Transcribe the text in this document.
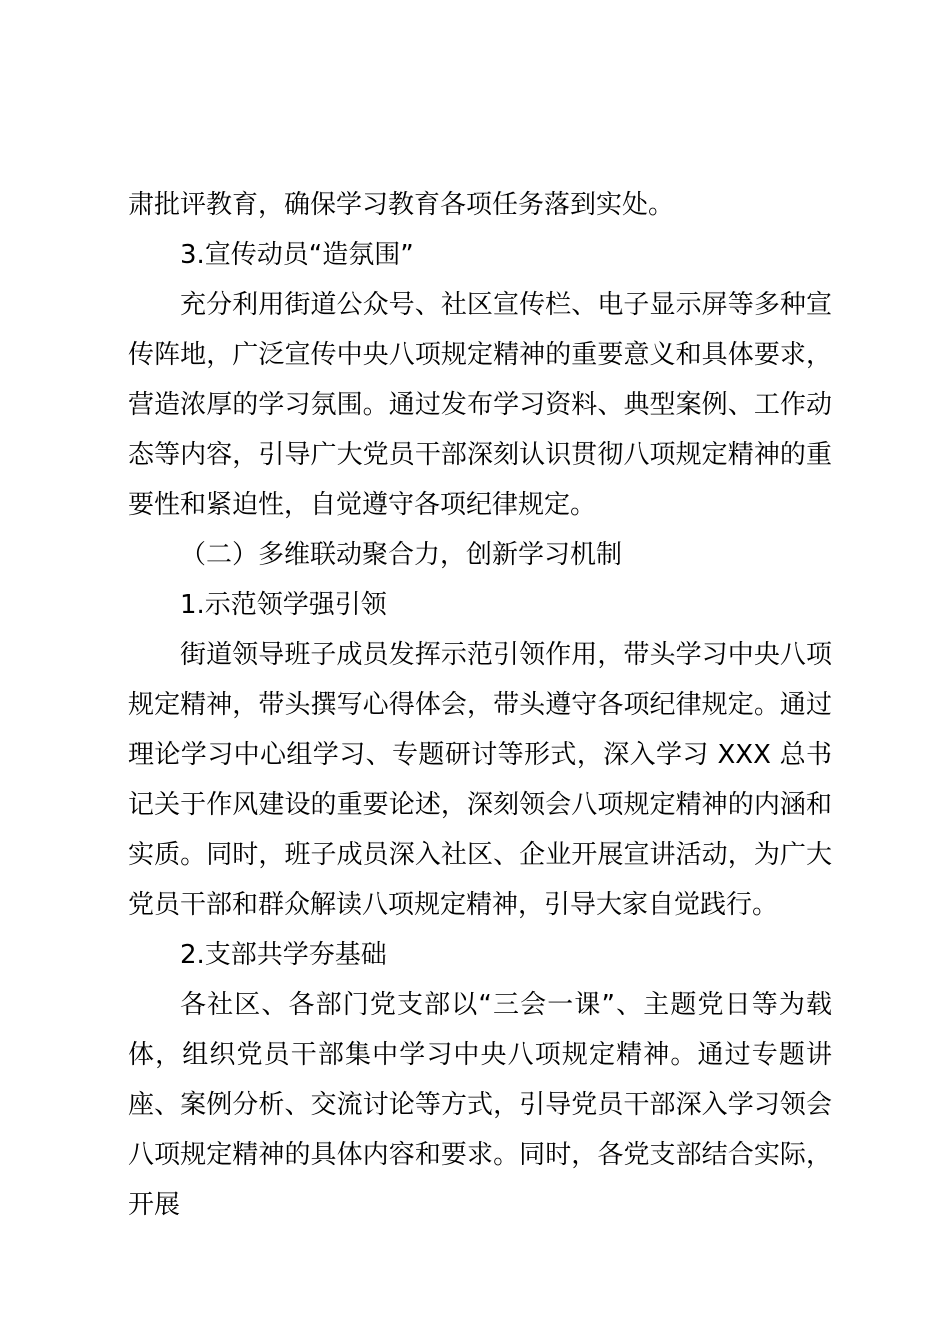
肃批评教育，确保学习教育各项任务落到实处。

3.宣传动员“造氛围”

充分利用街道公众号、社区宣传栏、电子显示屏等多种宣传阵地，广泛宣传中央八项规定精神的重要意义和具体要求，营造浓厚的学习氛围。通过发布学习资料、典型案例、工作动态等内容，引导广大党员干部深刻认识贯彻八项规定精神的重要性和紧迫性，自觉遵守各项纪律规定。

（二）多维联动聚合力，创新学习机制

1.示范领学强引领

街道领导班子成员发挥示范引领作用，带头学习中央八项规定精神，带头撰写心得体会，带头遵守各项纪律规定。通过理论学习中心组学习、专题研讨等形式，深入学习 XXX 总书记关于作风建设的重要论述，深刻领会八项规定精神的内涵和实质。同时，班子成员深入社区、企业开展宣讲活动，为广大党员干部和群众解读八项规定精神，引导大家自觉践行。

2.支部共学夯基础

各社区、各部门党支部以“三会一课”、主题党日等为载体，组织党员干部集中学习中央八项规定精神。通过专题讲座、案例分析、交流讨论等方式，引导党员干部深入学习领会八项规定精神的具体内容和要求。同时，各党支部结合实际，开展
